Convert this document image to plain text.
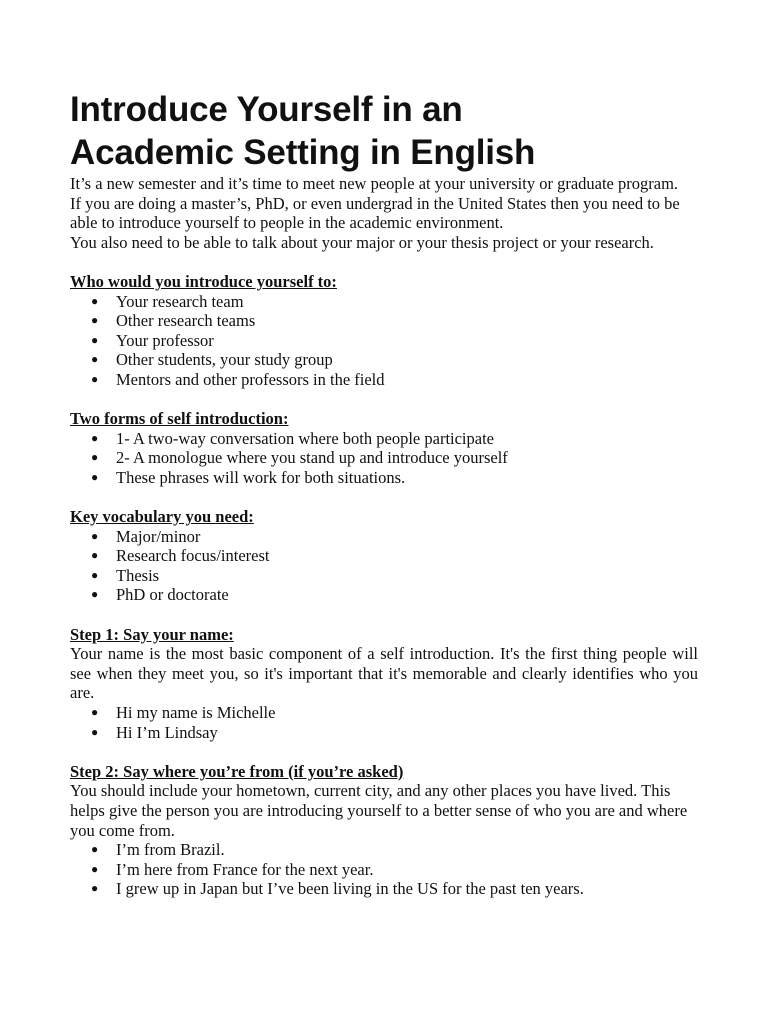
Introduce Yourself in an
Academic Setting in English

It’s a new semester and it’s time to meet new people at your university or graduate program.

If you are doing a master’s, PhD, or even undergrad in the United States then you need to be able to introduce yourself to people in the academic environment.

You also need to be able to talk about your major or your thesis project or your research.

Who would you introduce yourself to:

● Your research team
● Other research teams
● Your professor
● Other students, your study group
● Mentors and other professors in the field

Two forms of self introduction:

● 1- A two-way conversation where both people participate
● 2- A monologue where you stand up and introduce yourself
● These phrases will work for both situations.

Key vocabulary you need:

● Major/minor
● Research focus/interest
● Thesis
● PhD or doctorate

Step 1: Say your name:

Your name is the most basic component of a self introduction. It's the first thing people will see when they meet you, so it's important that it's memorable and clearly identifies who you are.

● Hi my name is Michelle
● Hi I’m Lindsay

Step 2: Say where you’re from (if you’re asked)

You should include your hometown, current city, and any other places you have lived. This helps give the person you are introducing yourself to a better sense of who you are and where you come from.

● I’m from Brazil.
● I’m here from France for the next year.
● I grew up in Japan but I’ve been living in the US for the past ten years.
